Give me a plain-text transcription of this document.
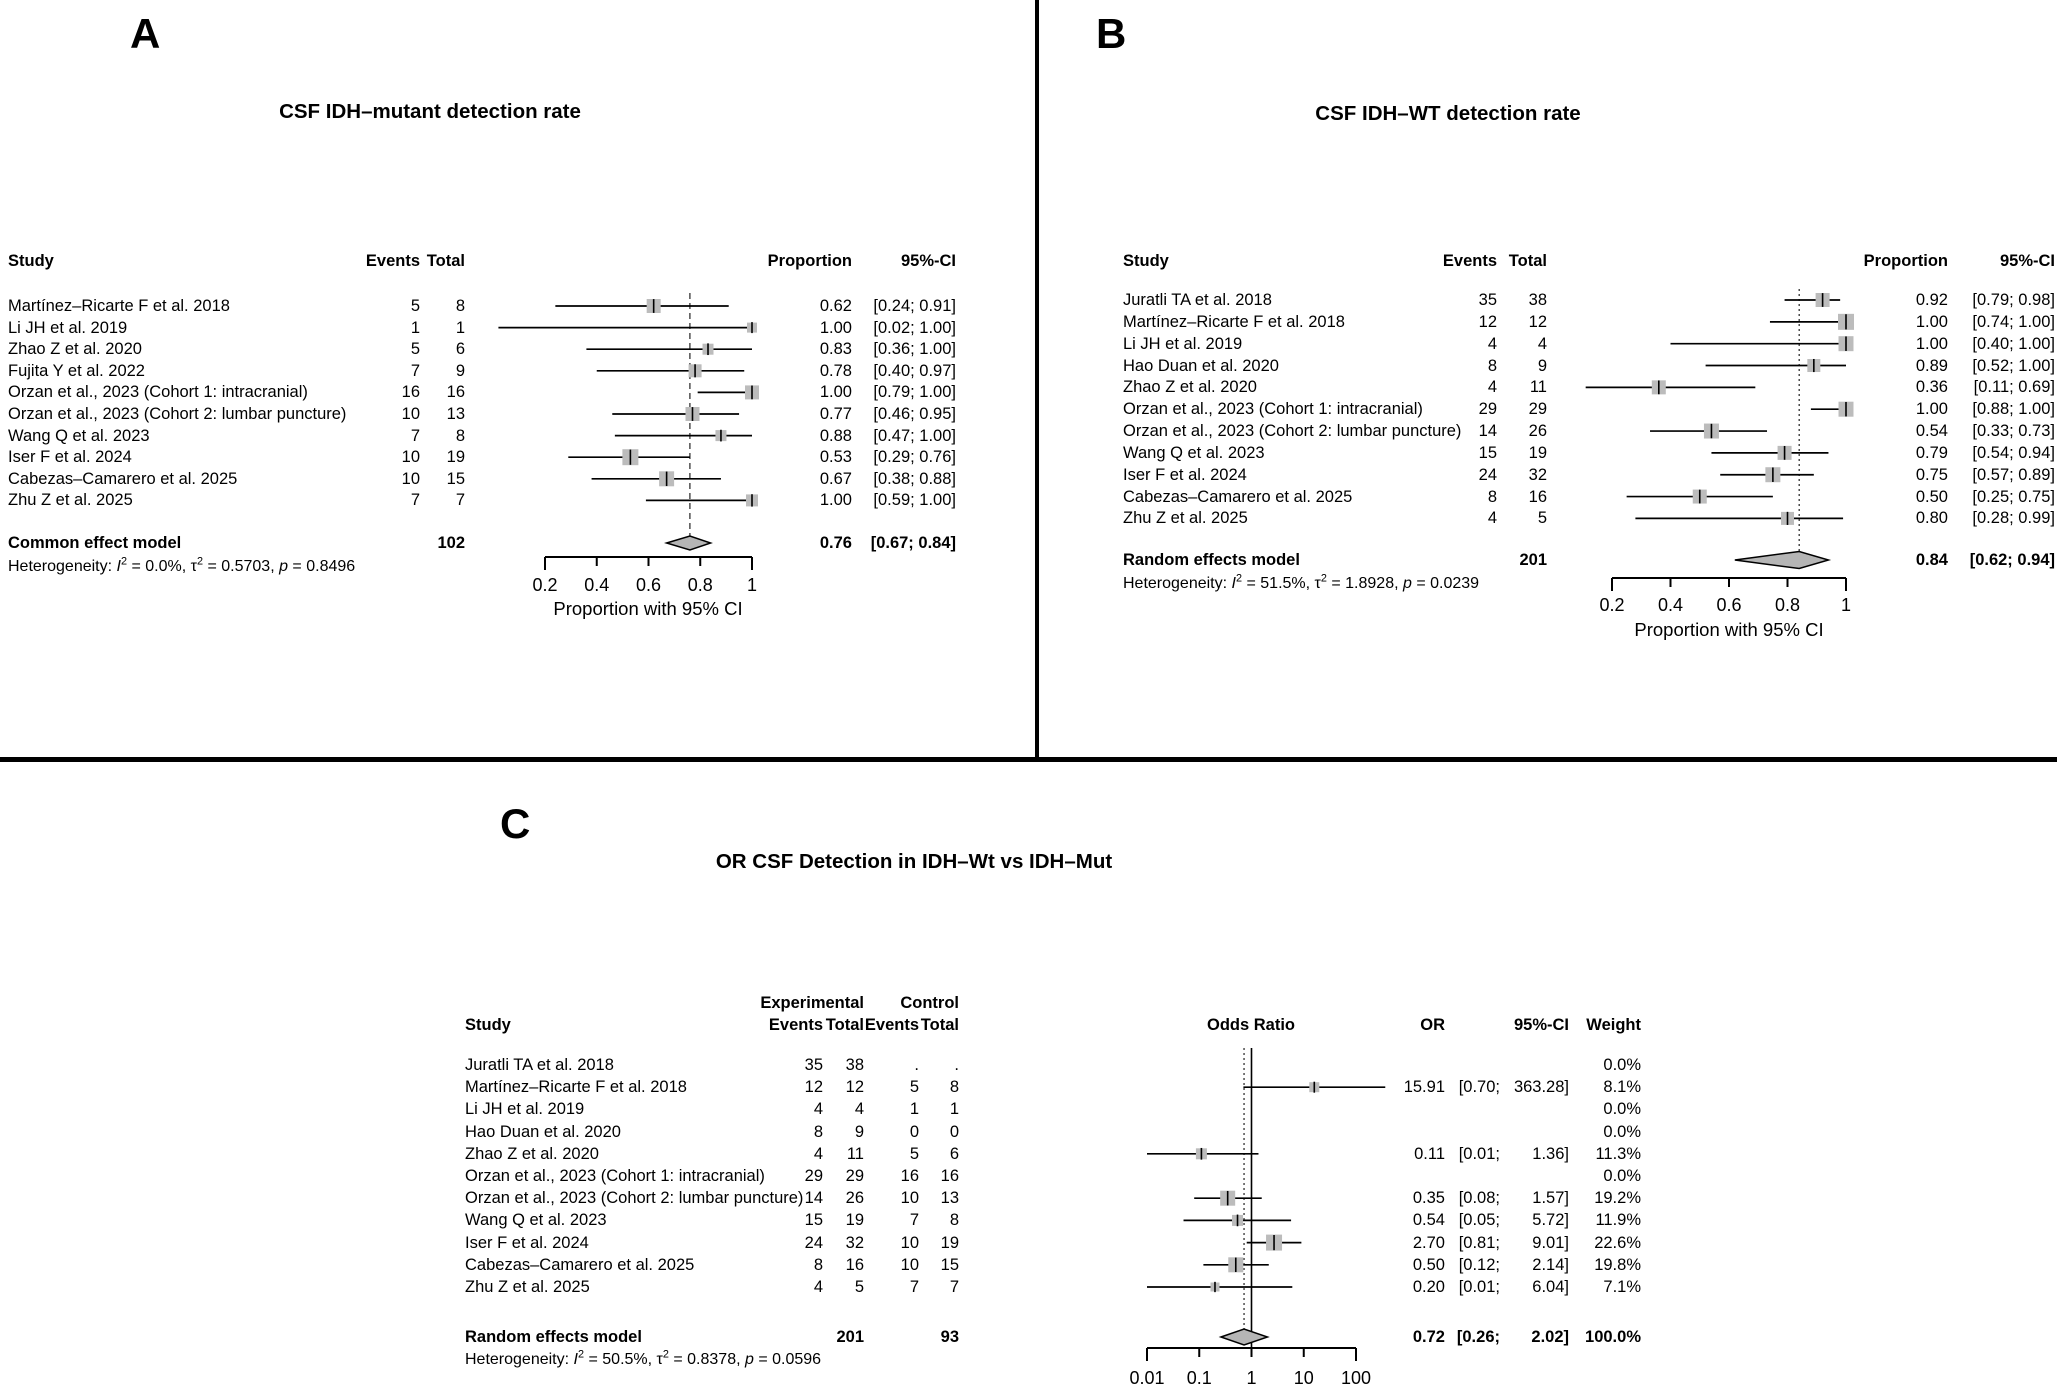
A
CSF IDH–mutant detection rate
Study	Events Total	Proportion	95%-CI
Proportion with 95% CI
B
CSF IDH–WT detection rate
Study	Events Total	Proportion	95%-CI
Proportion with 95% CI
C
OR CSF Detection in IDH–Wt vs IDH–Mut
Experimental Control
Study	Events Total Events Total	Odds Ratio	OR	95%-CI Weight
Martínez–Ricarte F et al. 2018	5 8	0.62 [0.24; 0.91]
Li JH et al. 2019	1 1	1.00 [0.02; 1.00]
Zhao Z et al. 2020	5 6	0.83 [0.36; 1.00]
Fujita Y et al. 2022	7 9	0.78 [0.40; 0.97]
Orzan et al., 2023 (Cohort 1: intracranial)	16 16	1.00 [0.79; 1.00]
Orzan et al., 2023 (Cohort 2: lumbar puncture)	10 13	0.77 [0.46; 0.95]
Wang Q et al. 2023	7 8	0.88 [0.47; 1.00]
Iser F et al. 2024	10 19	0.53 [0.29; 0.76]
Cabezas–Camarero et al. 2025	10 15	0.67 [0.38; 0.88]
Zhu Z et al. 2025	7 7	1.00 [0.59; 1.00]
Common effect model	102	0.76 [0.67; 0.84]
Heterogeneity: $I^2 = 0.0\%$, $\tau^2 = 0.5703$, p = 0.8496
0.2 0.4 0.6 0.8 1
Juratli TA et al. 2018	35 38	0.92 [0.79; 0.98]
Martínez–Ricarte F et al. 2018	12 12	1.00 [0.74; 1.00]
Li JH et al. 2019	4 4	1.00 [0.40; 1.00]
Hao Duan et al. 2020	8 9	0.89 [0.52; 1.00]
Zhao Z et al. 2020	4 11	0.36 [0.11; 0.69]
Orzan et al., 2023 (Cohort 1: intracranial)	29 29	1.00 [0.88; 1.00]
Orzan et al., 2023 (Cohort 2: lumbar puncture) 14 26	0.54 [0.33; 0.73]
Wang Q et al. 2023	15 19	0.79 [0.54; 0.94]
Iser F et al. 2024	24 32	0.75 [0.57; 0.89]
Cabezas–Camarero et al. 2025	8 16	0.50 [0.25; 0.75]
Zhu Z et al. 2025	4 5	0.80 [0.28; 0.99]
Random effects model	201	0.84 [0.62; 0.94]
Heterogeneity: $I^2 = 51.5\%$, $\tau^2 = 1.8928$, p = 0.0239
0.2 0.4 0.6 0.8 1
Juratli TA et al. 2018	35 38	. .	0.0%
Martínez–Ricarte F et al. 2018	12 12	5 8	15.91 [0.70; 363.28] 8.1%
Li JH et al. 2019	4 4	1 1	0.0%
Hao Duan et al. 2020	8 9	0 0	0.0%
Zhao Z et al. 2020	4 11	5 6	0.11 [0.01; 1.36] 11.3%
Orzan et al., 2023 (Cohort 1: intracranial) 29 29 16 16	0.0%
Orzan et al., 2023 (Cohort 2: lumbar puncture) 14 26 10 13	0.35 [0.08; 1.57] 19.2%
Wang Q et al. 2023	15 19	7 8	0.54 [0.05; 5.72] 11.9%
Iser F et al. 2024	24 32 10 19	2.70 [0.81; 9.01] 22.6%
Cabezas–Camarero et al. 2025	8 16 10 15	0.50 [0.12; 2.14] 19.8%
Zhu Z et al. 2025	4 5	7 7	0.20 [0.01; 6.04] 7.1%
Random effects model	201	93	0.72 [0.26; 2.02] 100.0%
Heterogeneity: $I^2 = 50.5\%$, $\tau^2 = 0.8378$, p = 0.0596
0.01 0.1 1 10 100
